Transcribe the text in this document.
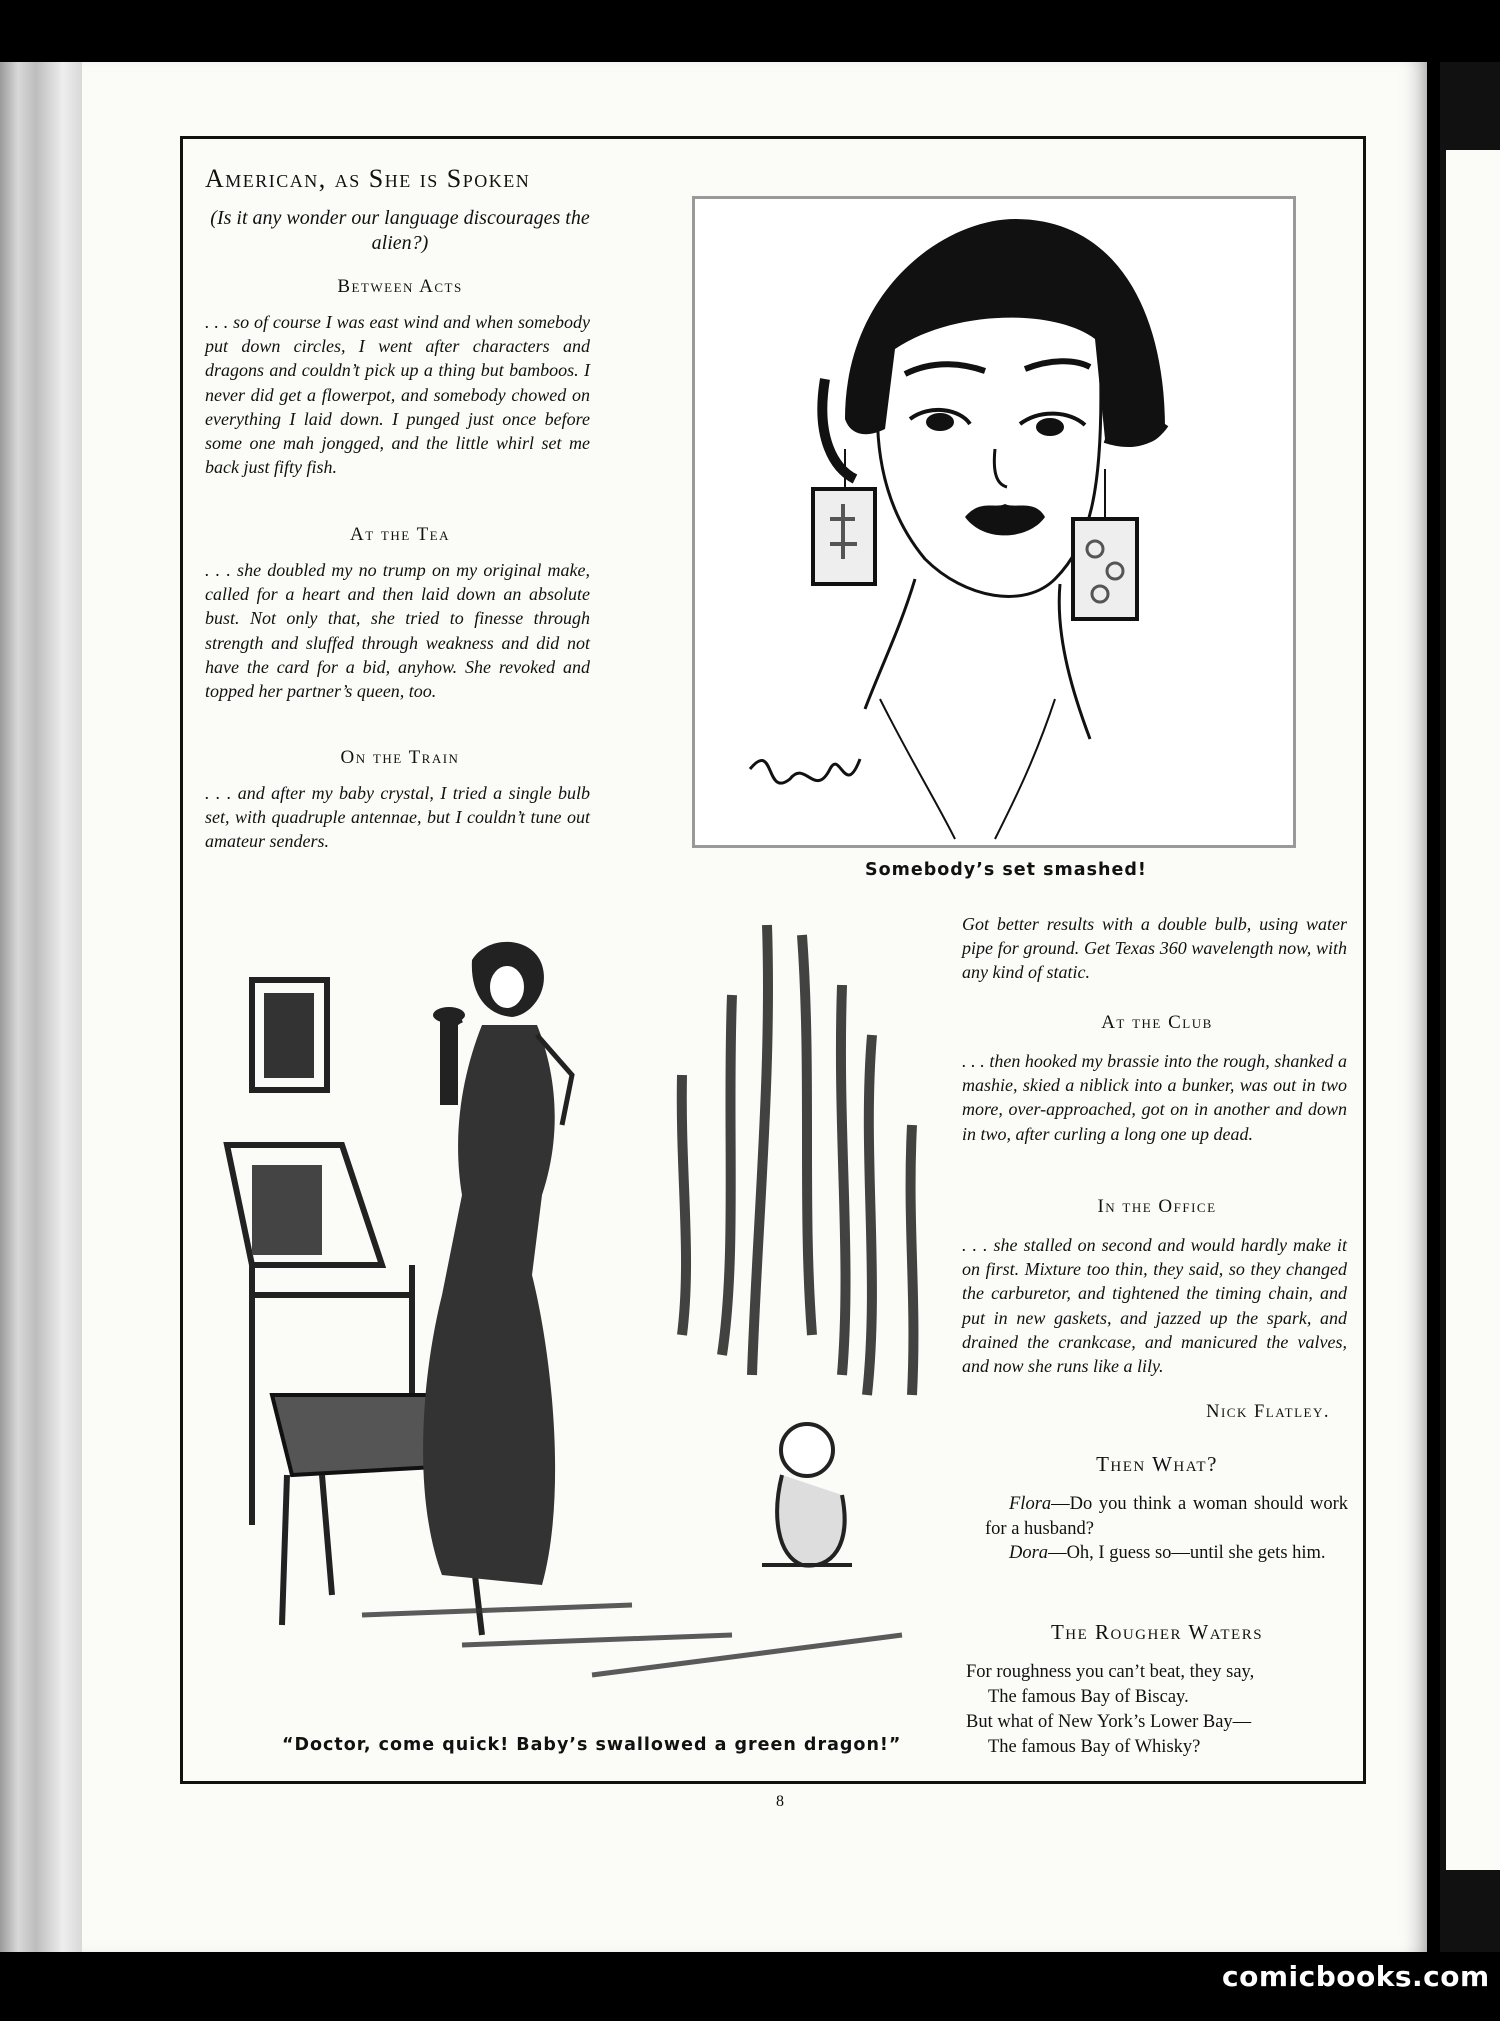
American, as She is Spoken
(Is it any wonder our language discourages the alien?)
Between Acts
. . . so of course I was east wind and when somebody put down circles, I went after characters and dragons and couldn’t pick up a thing but bamboos. I never did get a flowerpot, and somebody chowed on everything I laid down. I punged just once before some one mah jongged, and the little whirl set me back just fifty fish.
At the Tea
. . . she doubled my no trump on my original make, called for a heart and then laid down an absolute bust. Not only that, she tried to finesse through strength and sluffed through weakness and did not have the card for a bid, anyhow. She revoked and topped her partner’s queen, too.
On the Train
. . . and after my baby crystal, I tried a single bulb set, with quadruple antennae, but I couldn’t tune out amateur senders.
Somebody’s set smashed!
“Doctor, come quick! Baby’s swallowed a green dragon!”
Got better results with a double bulb, using water pipe for ground. Get Texas 360 wavelength now, with any kind of static.
At the Club
. . . then hooked my brassie into the rough, shanked a mashie, skied a niblick into a bunker, was out in two more, over-approached, got on in another and down in two, after curling a long one up dead.
In the Office
. . . she stalled on second and would hardly make it on first. Mixture too thin, they said, so they changed the carburetor, and tightened the timing chain, and put in new gaskets, and jazzed up the spark, and drained the crankcase, and manicured the valves, and now she runs like a lily.
Nick Flatley.
Then What?

Flora—Do you think a woman should work for a husband?

Dora—Oh, I guess so—until she gets him.

The Rougher Waters

For roughness you can’t beat, they say,

The famous Bay of Biscay.

But what of New York’s Lower Bay—

The famous Bay of Whisky?

8
comicbooks.com
